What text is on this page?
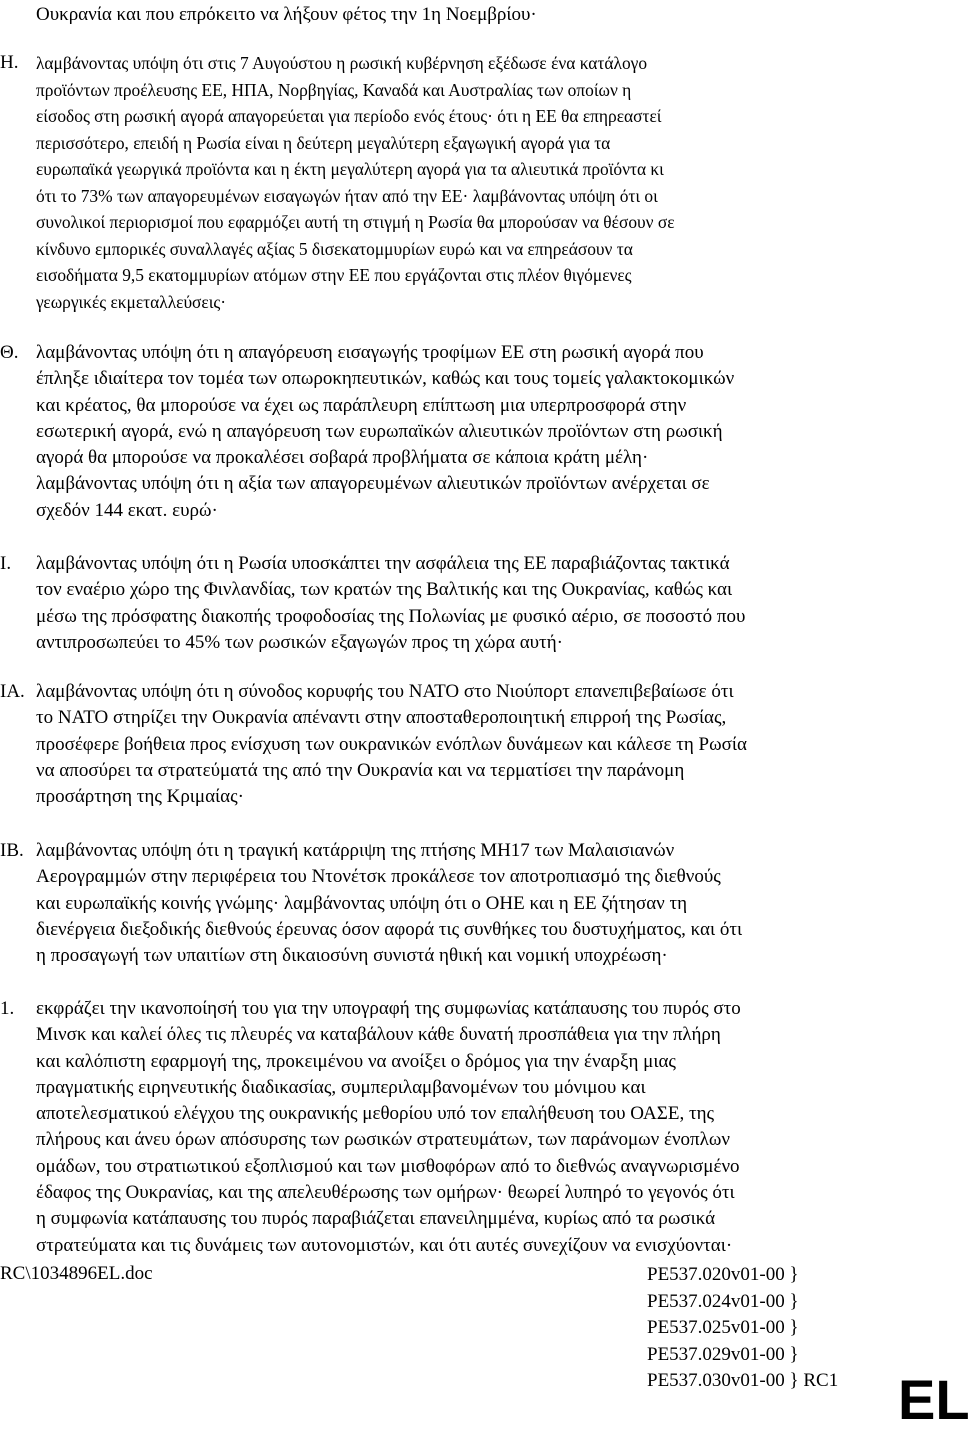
Ουκρανία και που επρόκειτο να λήξουν φέτος την 1η Νοεμβρίου·
Η. λαμβάνοντας υπόψη ότι στις 7 Αυγούστου η ρωσική κυβέρνηση εξέδωσε ένα κατάλογο
προϊόντων προέλευσης ΕΕ, ΗΠΑ, Νορβηγίας, Καναδά και Αυστραλίας των οποίων η
είσοδος στη ρωσική αγορά απαγορεύεται για περίοδο ενός έτους· ότι η ΕΕ θα επηρεαστεί
περισσότερο, επειδή η Ρωσία είναι η δεύτερη μεγαλύτερη εξαγωγική αγορά για τα
ευρωπαϊκά γεωργικά προϊόντα και η έκτη μεγαλύτερη αγορά για τα αλιευτικά προϊόντα κι
ότι το 73% των απαγορευμένων εισαγωγών ήταν από την ΕΕ· λαμβάνοντας υπόψη ότι οι
συνολικοί περιορισμοί που εφαρμόζει αυτή τη στιγμή η Ρωσία θα μπορούσαν να θέσουν σε
κίνδυνο εμπορικές συναλλαγές αξίας 5 δισεκατομμυρίων ευρώ και να επηρεάσουν τα
εισοδήματα 9,5 εκατομμυρίων ατόμων στην ΕΕ που εργάζονται στις πλέον θιγόμενες
γεωργικές εκμεταλλεύσεις·
Θ. λαμβάνοντας υπόψη ότι η απαγόρευση εισαγωγής τροφίμων ΕΕ στη ρωσική αγορά που
έπληξε ιδιαίτερα τον τομέα των οπωροκηπευτικών, καθώς και τους τομείς γαλακτοκομικών
και κρέατος, θα μπορούσε να έχει ως παράπλευρη επίπτωση μια υπερπροσφορά στην
εσωτερική αγορά, ενώ η απαγόρευση των ευρωπαϊκών αλιευτικών προϊόντων στη ρωσική
αγορά θα μπορούσε να προκαλέσει σοβαρά προβλήματα σε κάποια κράτη μέλη·
λαμβάνοντας υπόψη ότι η αξία των απαγορευμένων αλιευτικών προϊόντων ανέρχεται σε
σχεδόν 144 εκατ. ευρώ·
Ι. λαμβάνοντας υπόψη ότι η Ρωσία υποσκάπτει την ασφάλεια της ΕΕ παραβιάζοντας τακτικά
τον εναέριο χώρο της Φινλανδίας, των κρατών της Βαλτικής και της Ουκρανίας, καθώς και
μέσω της πρόσφατης διακοπής τροφοδοσίας της Πολωνίας με φυσικό αέριο, σε ποσοστό που
αντιπροσωπεύει το 45% των ρωσικών εξαγωγών προς τη χώρα αυτή·
ΙΑ. λαμβάνοντας υπόψη ότι η σύνοδος κορυφής του ΝΑΤΟ στο Νιούπορτ επανεπιβεβαίωσε ότι
το ΝΑΤΟ στηρίζει την Ουκρανία απέναντι στην αποσταθεροποιητική επιρροή της Ρωσίας,
προσέφερε βοήθεια προς ενίσχυση των ουκρανικών ενόπλων δυνάμεων και κάλεσε τη Ρωσία
να αποσύρει τα στρατεύματά της από την Ουκρανία και να τερματίσει την παράνομη
προσάρτηση της Κριμαίας·
ΙΒ. λαμβάνοντας υπόψη ότι η τραγική κατάρριψη της πτήσης ΜΗ17 των Μαλαισιανών
Αερογραμμών στην περιφέρεια του Ντονέτσκ προκάλεσε τον αποτροπιασμό της διεθνούς
και ευρωπαϊκής κοινής γνώμης· λαμβάνοντας υπόψη ότι ο ΟΗΕ και η ΕΕ ζήτησαν τη
διενέργεια διεξοδικής διεθνούς έρευνας όσον αφορά τις συνθήκες του δυστυχήματος, και ότι
η προσαγωγή των υπαιτίων στη δικαιοσύνη συνιστά ηθική και νομική υποχρέωση·
1. εκφράζει την ικανοποίησή του για την υπογραφή της συμφωνίας κατάπαυσης του πυρός στο
Μινσκ και καλεί όλες τις πλευρές να καταβάλουν κάθε δυνατή προσπάθεια για την πλήρη
και καλόπιστη εφαρμογή της, προκειμένου να ανοίξει ο δρόμος για την έναρξη μιας
πραγματικής ειρηνευτικής διαδικασίας, συμπεριλαμβανομένων του μόνιμου και
αποτελεσματικού ελέγχου της ουκρανικής μεθορίου υπό τον επαλήθευση του ΟΑΣΕ, της
πλήρους και άνευ όρων απόσυρσης των ρωσικών στρατευμάτων, των παράνομων ένοπλων
ομάδων, του στρατιωτικού εξοπλισμού και των μισθοφόρων από το διεθνώς αναγνωρισμένο
έδαφος της Ουκρανίας, και της απελευθέρωσης των ομήρων· θεωρεί λυπηρό το γεγονός ότι
η συμφωνία κατάπαυσης του πυρός παραβιάζεται επανειλημμένα, κυρίως από τα ρωσικά
στρατεύματα και τις δυνάμεις των αυτονομιστών, και ότι αυτές συνεχίζουν να ενισχύονται·
RC\1034896EL.doc	PE537.020v01-00 }
PE537.024v01-00 }
PE537.025v01-00 }
PE537.029v01-00 }
PE537.030v01-00 } RC1 EL
